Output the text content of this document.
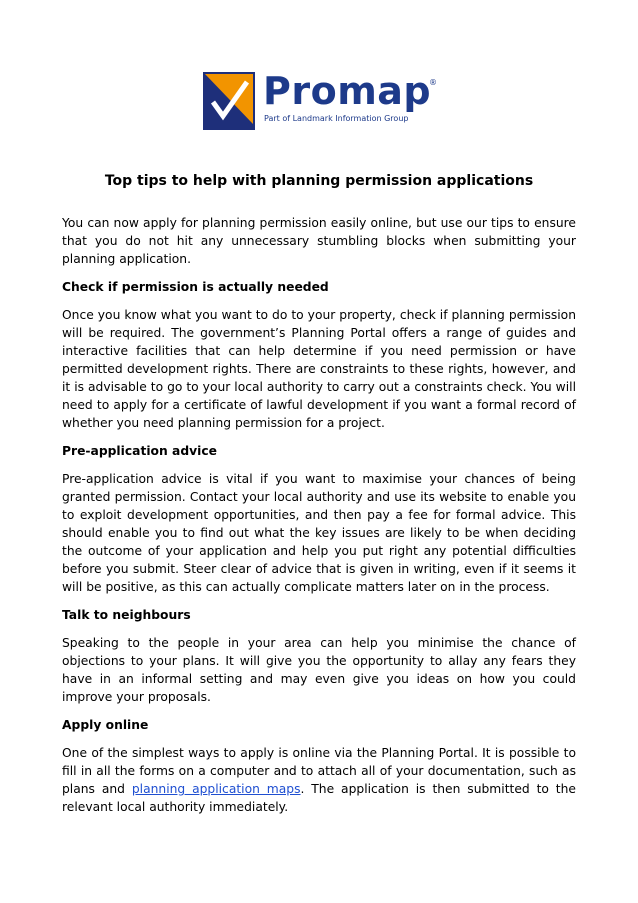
Promap
®
Part of Landmark Information Group
Top tips to help with planning permission applications

You can now apply for planning permission easily online, but use our tips to ensure that you do not hit any unnecessary stumbling blocks when submitting your planning application.

Check if permission is actually needed

Once you know what you want to do to your property, check if planning permission will be required. The government’s Planning Portal offers a range of guides and interactive facilities that can help determine if you need permission or have permitted development rights. There are constraints to these rights, however, and it is advisable to go to your local authority to carry out a constraints check. You will need to apply for a certificate of lawful development if you want a formal record of whether you need planning permission for a project.

Pre-application advice

Pre-application advice is vital if you want to maximise your chances of being granted permission. Contact your local authority and use its website to enable you to exploit development opportunities, and then pay a fee for formal advice. This should enable you to find out what the key issues are likely to be when deciding the outcome of your application and help you put right any potential difficulties before you submit. Steer clear of advice that is given in writing, even if it seems it will be positive, as this can actually complicate matters later on in the process.

Talk to neighbours

Speaking to the people in your area can help you minimise the chance of objections to your plans. It will give you the opportunity to allay any fears they have in an informal setting and may even give you ideas on how you could improve your proposals.

Apply online

One of the simplest ways to apply is online via the Planning Portal. It is possible to fill in all the forms on a computer and to attach all of your documentation, such as plans and planning application maps. The application is then submitted to the relevant local authority immediately.
